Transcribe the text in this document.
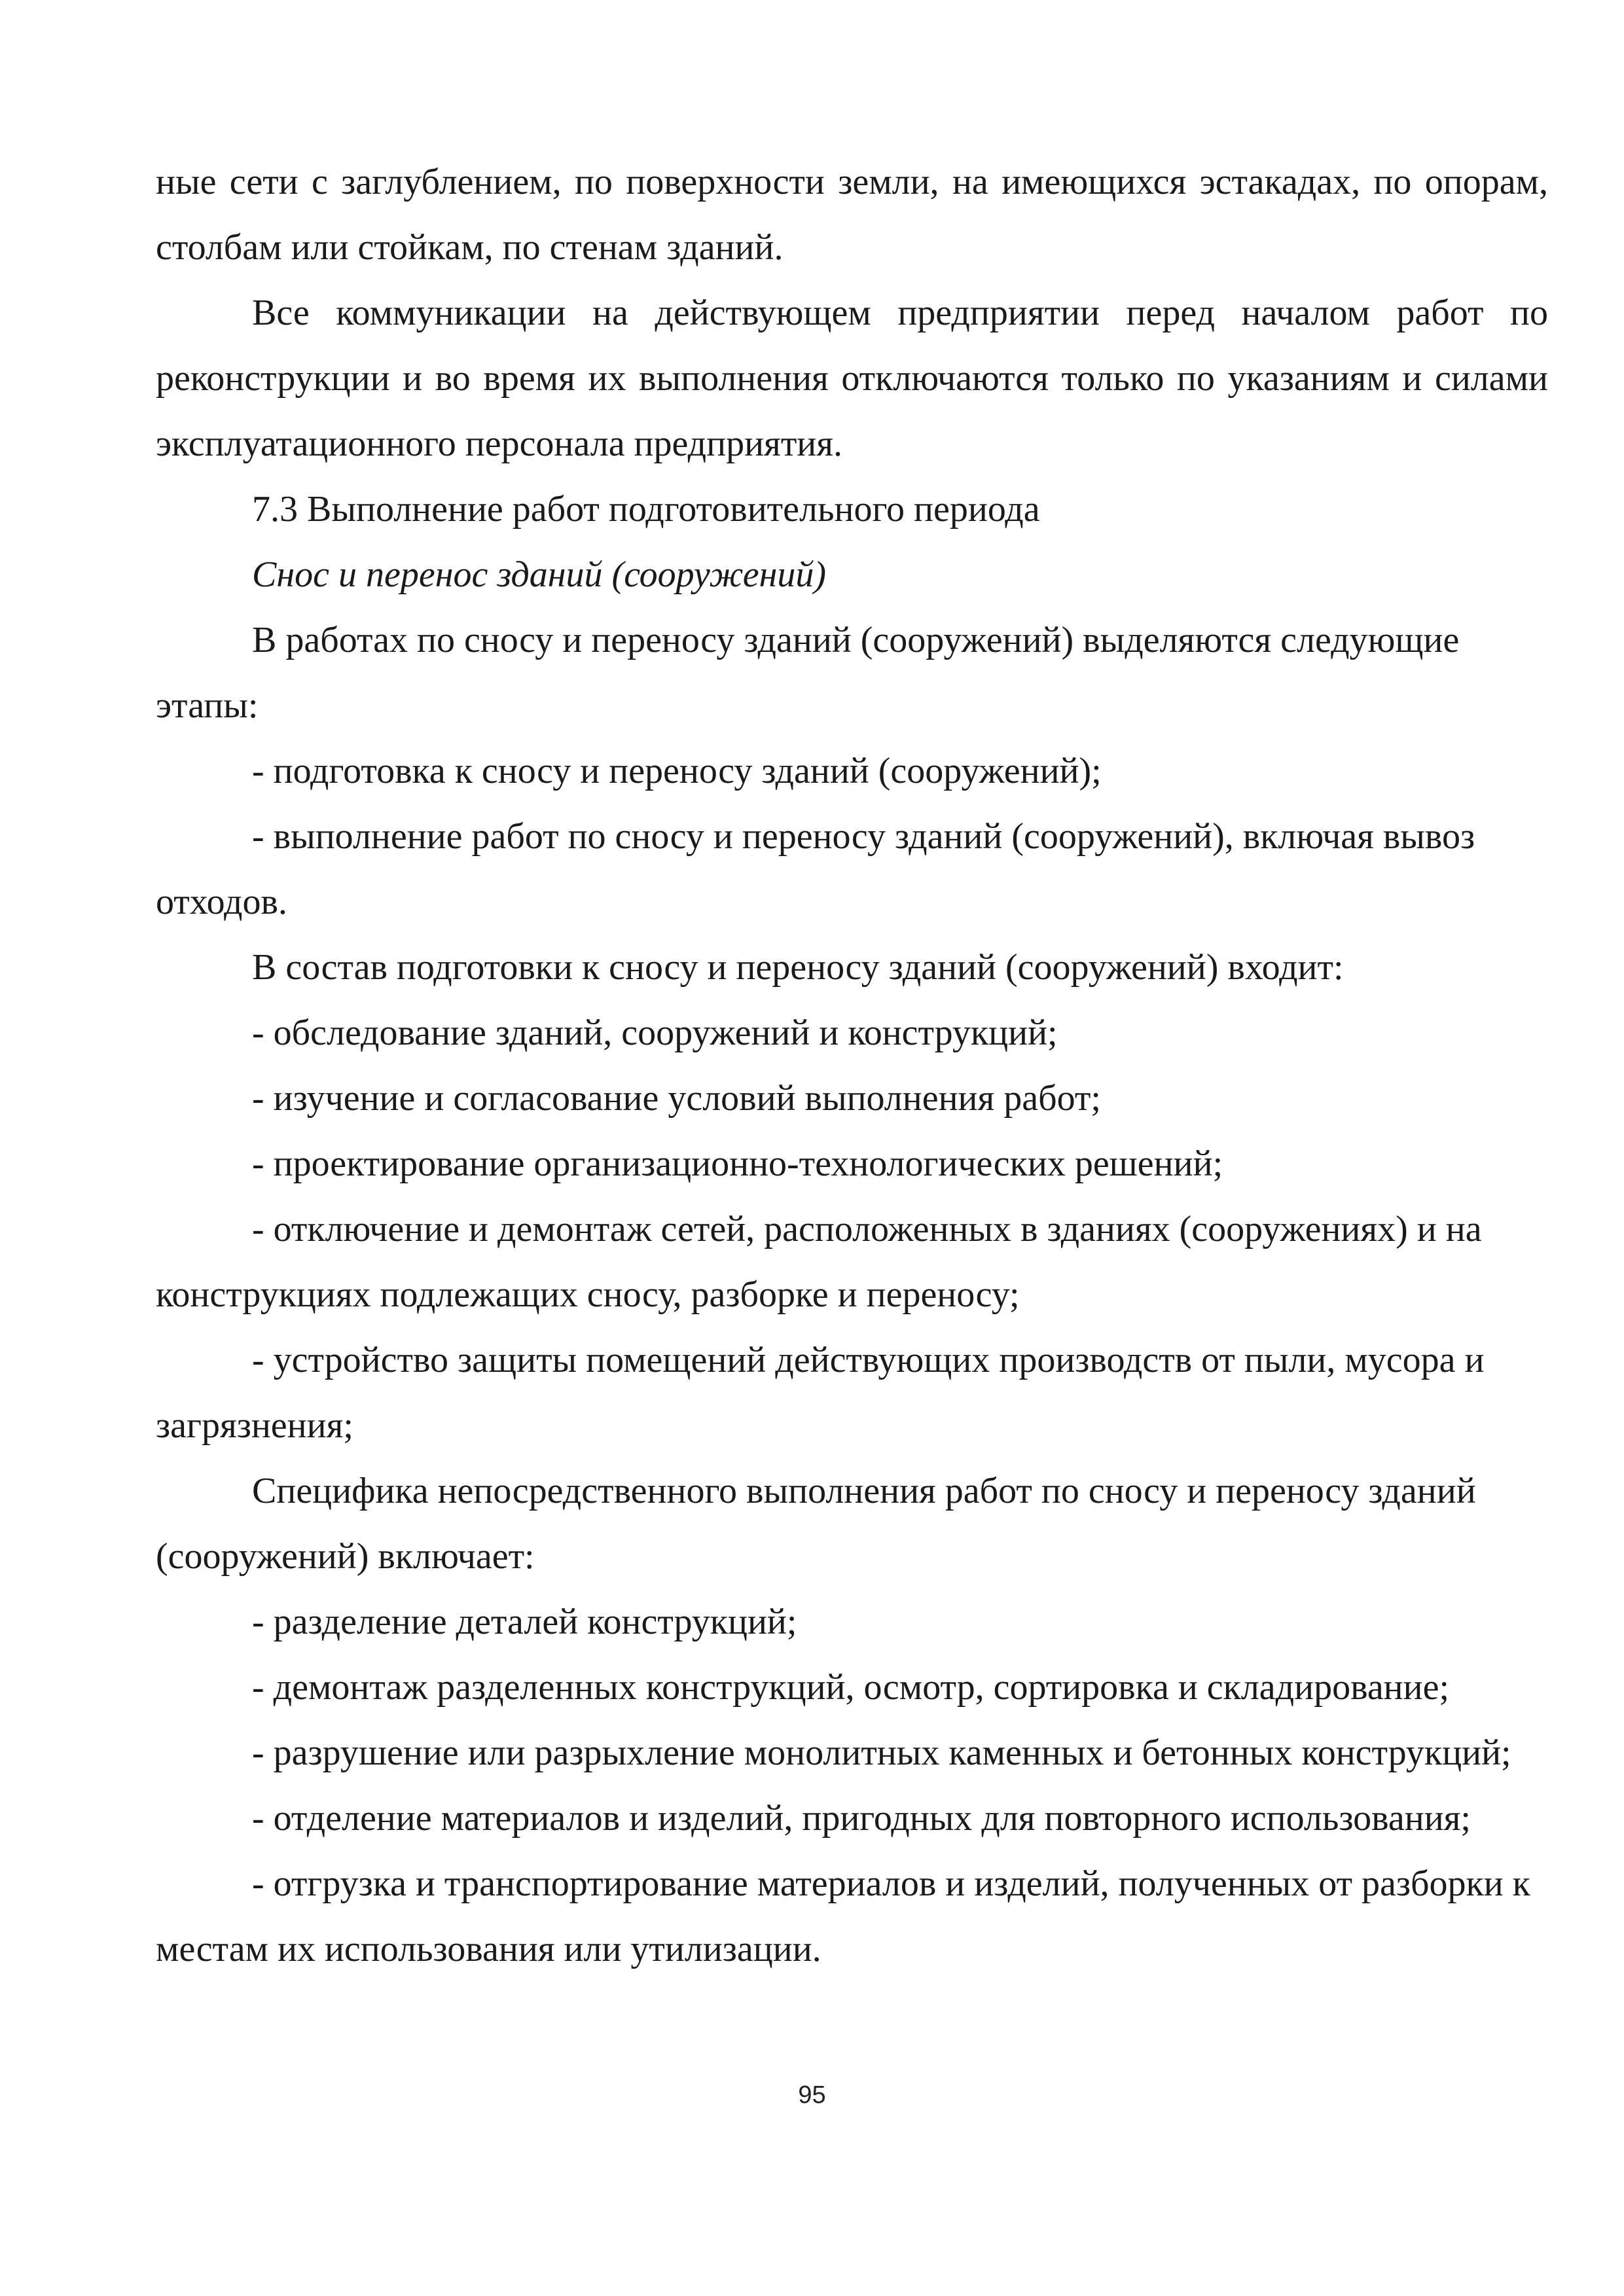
ные сети с заглублением, по поверхности земли, на имеющихся эстакадах, по опорам, столбам или стойкам, по стенам зданий.

Все коммуникации на действующем предприятии перед началом работ по реконструкции и во время их выполнения отключаются только по указаниям и силами эксплуатационного персонала предприятия.

7.3 Выполнение работ подготовительного периода

Снос и перенос зданий (сооружений)

В работах по сносу и переносу зданий (сооружений) выделяются следующие этапы:

- подготовка к сносу и переносу зданий (сооружений);

- выполнение работ по сносу и переносу зданий (сооружений), включая вывоз отходов.

В состав подготовки к сносу и переносу зданий (сооружений) входит:

- обследование зданий, сооружений и конструкций;

- изучение и согласование условий выполнения работ;

- проектирование организационно-технологических решений;

- отключение и демонтаж сетей, расположенных в зданиях (сооружениях) и на конструкциях подлежащих сносу, разборке и переносу;

- устройство защиты помещений действующих производств от пыли, мусора и загрязнения;

Специфика непосредственного выполнения работ по сносу и переносу зданий (сооружений) включает:

- разделение деталей конструкций;

- демонтаж разделенных конструкций, осмотр, сортировка и складирование;

- разрушение или разрыхление монолитных каменных и бетонных конструкций;

- отделение материалов и изделий, пригодных для повторного использования;

- отгрузка и транспортирование материалов и изделий, полученных от разборки к местам их использования или утилизации.

95
